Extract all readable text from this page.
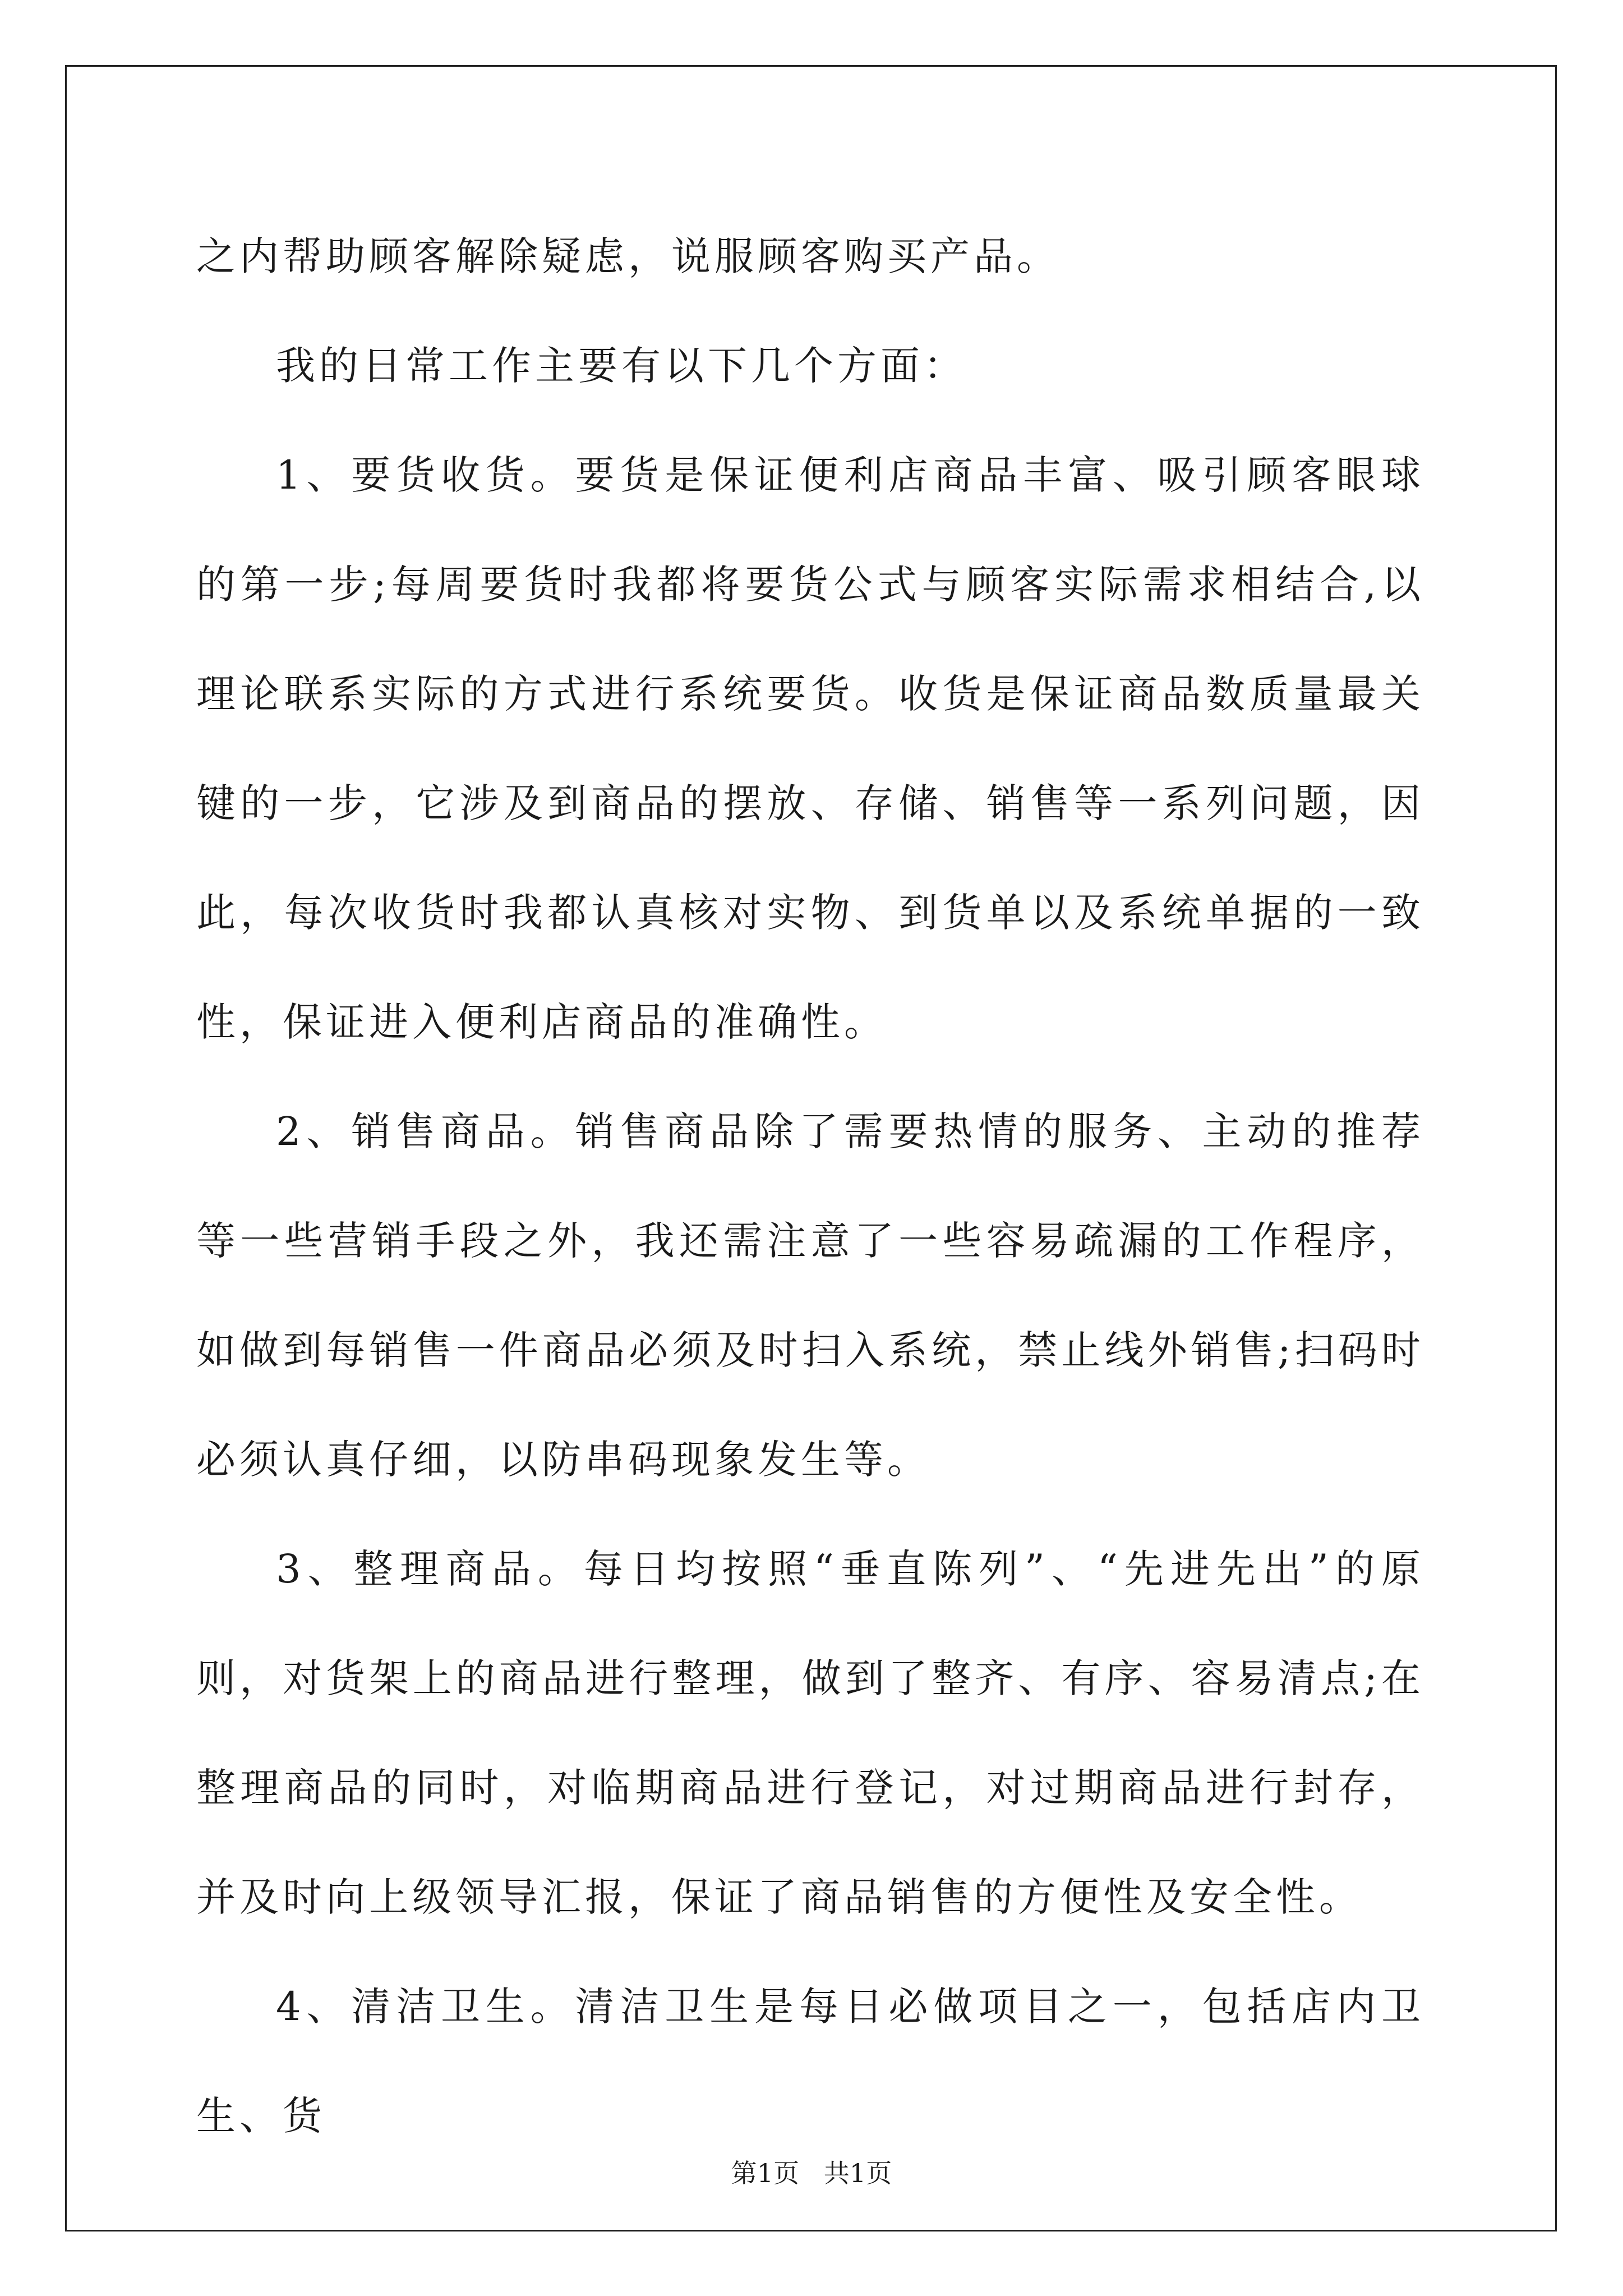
之内帮助顾客解除疑虑，说服顾客购买产品。

我的日常工作主要有以下几个方面：

1、要货收货。要货是保证便利店商品丰富、吸引顾客眼球的第一步;每周要货时我都将要货公式与顾客实际需求相结合,以理论联系实际的方式进行系统要货。收货是保证商品数质量最关键的一步，它涉及到商品的摆放、存储、销售等一系列问题，因此，每次收货时我都认真核对实物、到货单以及系统单据的一致性，保证进入便利店商品的准确性。

2、销售商品。销售商品除了需要热情的服务、主动的推荐等一些营销手段之外，我还需注意了一些容易疏漏的工作程序，如做到每销售一件商品必须及时扫入系统，禁止线外销售;扫码时必须认真仔细，以防串码现象发生等。

3、整理商品。每日均按照“垂直陈列”、“先进先出”的原则，对货架上的商品进行整理，做到了整齐、有序、容易清点;在整理商品的同时，对临期商品进行登记，对过期商品进行封存，并及时向上级领导汇报，保证了商品销售的方便性及安全性。

4、清洁卫生。清洁卫生是每日必做项目之一，包括店内卫生、货

第1页   共1页
